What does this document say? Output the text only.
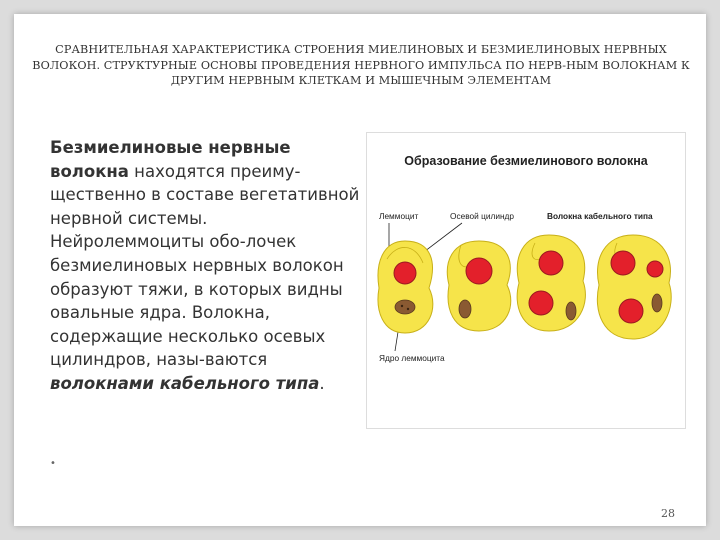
СРАВНИТЕЛЬНАЯ ХАРАКТЕРИСТИКА СТРОЕНИЯ МИЕЛИНОВЫХ И БЕЗМИЕЛИНОВЫХ НЕРВНЫХ ВОЛОКОН. СТРУКТУРНЫЕ ОСНОВЫ ПРОВЕДЕНИЯ НЕРВНОГО ИМПУЛЬСА ПО НЕРВ-НЫМ ВОЛОКНАМ К ДРУГИМ НЕРВНЫМ КЛЕТКАМ И МЫШЕЧНЫМ ЭЛЕМЕНТАМ

Безмиелиновые нервные волокна находятся преиму-щественно в составе вегетативной нервной системы.

Нейролеммоциты обо-лочек безмиелиновых нервных волокон образуют тяжи, в которых видны овальные ядра. Волокна, содержащие несколько осевых цилиндров, назы-ваются волокнами кабельного типа.

•
Образование безмиелинового волокна
Леммоцит	Осевой цилиндр	Волокна кабельного типа
Ядро леммоцита
28
